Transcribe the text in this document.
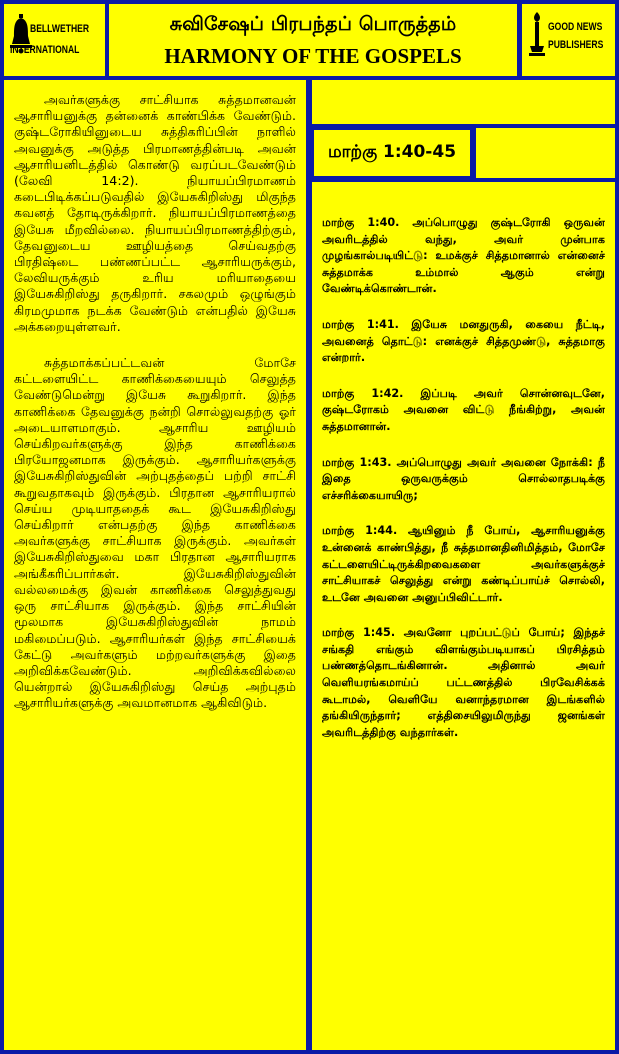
BELLWETHER
INTERNATIONAL
சுவிசேஷப் பிரபந்தப் பொருத்தம்
HARMONY OF THE GOSPELS
GOOD NEWS
PUBLISHERS

அவர்களுக்கு சாட்சியாக சுத்தமானவன் ஆசாரியனுக்கு தன்னைக் காண்பிக்க வேண்டும். குஷ்டரோகியினுடைய சுத்திகரிப்பின் நாளில் அவனுக்கு அடுத்த பிரமாணத்தின்படி அவன் ஆசாரியனிடத்தில் கொண்டு வரப்படவேண்டும் (லேவி 14:2). நியாயப்பிரமாணம் கடைபிடிக்கப்படுவதில் இயேசுகிறிஸ்து மிகுந்த கவனத் தோடிருக்கிறார். நியாயப்பிரமாணத்தை இயேசு மீறவில்லை. நியாயப்பிரமாணத்திற்கும், தேவனுடைய ஊழியத்தை செய்வதற்கு பிரதிஷ்டை பண்ணப்பட்ட ஆசாரியருக்கும், லேவியருக்கும் உரிய மரியாதையை இயேசுகிறிஸ்து தருகிறார். சகலமும் ஒழுங்கும் கிரமமுமாக நடக்க வேண்டும் என்பதில் இயேசு அக்கறையுள்ளவர்.

சுத்தமாக்கப்பட்டவன் மோசே கட்டளையிட்ட காணிக்கையையும் செலுத்த வேண்டுமென்று இயேசு கூறுகிறார். இந்த காணிக்கை தேவனுக்கு நன்றி சொல்லுவதற்கு ஓர் அடையாளமாகும். ஆசாரிய ஊழியம் செய்கிறவர்களுக்கு இந்த காணிக்கை பிரயோஜனமாக இருக்கும். ஆசாரியர்களுக்கு இயேசுகிறிஸ்துவின் அற்புதத்தைப் பற்றி சாட்சி கூறுவதாகவும் இருக்கும். பிரதான ஆசாரியரால் செய்ய முடியாததைக் கூட இயேசுகிறிஸ்து செய்கிறார் என்பதற்கு இந்த காணிக்கை அவர்களுக்கு சாட்சியாக இருக்கும். அவர்கள் இயேசுகிறிஸ்துவை மகா பிரதான ஆசாரியராக அங்கீகரிப்பார்கள். இயேசுகிறிஸ்துவின் வல்லமைக்கு இவன் காணிக்கை செலுத்துவது ஒரு சாட்சியாக இருக்கும். இந்த சாட்சியின் மூலமாக இயேசுகிறிஸ்துவின் நாமம் மகிமைப்படும். ஆசாரியர்கள் இந்த சாட்சியைக் கேட்டு அவர்களும் மற்றவர்களுக்கு இதை அறிவிக்கவேண்டும். அறிவிக்கவில்லை யென்றால் இயேசுகிறிஸ்து செய்த அற்புதம் ஆசாரியர்களுக்கு அவமானமாக ஆகிவிடும்.

மாற்கு 1:40-45

மாற்கு 1:40. அப்பொழுது குஷ்டரோகி ஒருவன் அவரிடத்தில் வந்து, அவர் முன்பாக முழங்கால்படியிட்டு: உமக்குச் சித்தமானால் என்னைச் சுத்தமாக்க உம்மால் ஆகும் என்று வேண்டிக்கொண்டான்.

மாற்கு 1:41. இயேசு மனதுருகி, கையை நீட்டி, அவனைத் தொட்டு: எனக்குச் சித்தமுண்டு, சுத்தமாகு என்றார்.

மாற்கு 1:42. இப்படி அவர் சொன்னவுடனே, குஷ்டரோகம் அவனை விட்டு நீங்கிற்று, அவன் சுத்தமானான்.

மாற்கு 1:43. அப்பொழுது அவர் அவனை நோக்கி: நீ இதை ஒருவருக்கும் சொல்லாதபடிக்கு எச்சரிக்கையாயிரு;

மாற்கு 1:44. ஆயினும் நீ போய், ஆசாரியனுக்கு உன்னைக் காண்பித்து, நீ சுத்தமானதினிமித்தம், மோசே கட்டளையிட்டிருக்கிறவைகளை அவர்களுக்குச் சாட்சியாகச் செலுத்து என்று கண்டிப்பாய்ச் சொல்லி, உடனே அவனை அனுப்பிவிட்டார்.

மாற்கு 1:45. அவனோ புறப்பட்டுப் போய்; இந்தச் சங்கதி எங்கும் விளங்கும்படியாகப் பிரசித்தம் பண்ணத்தொடங்கினான். அதினால் அவர் வெளியரங்கமாய்ப் பட்டணத்தில் பிரவேசிக்கக் கூடாமல், வெளியே வனாந்தரமான இடங்களில் தங்கியிருந்தார்; எத்திசையிலுமிருந்து ஜனங்கள் அவரிடத்திற்கு வந்தார்கள்.
